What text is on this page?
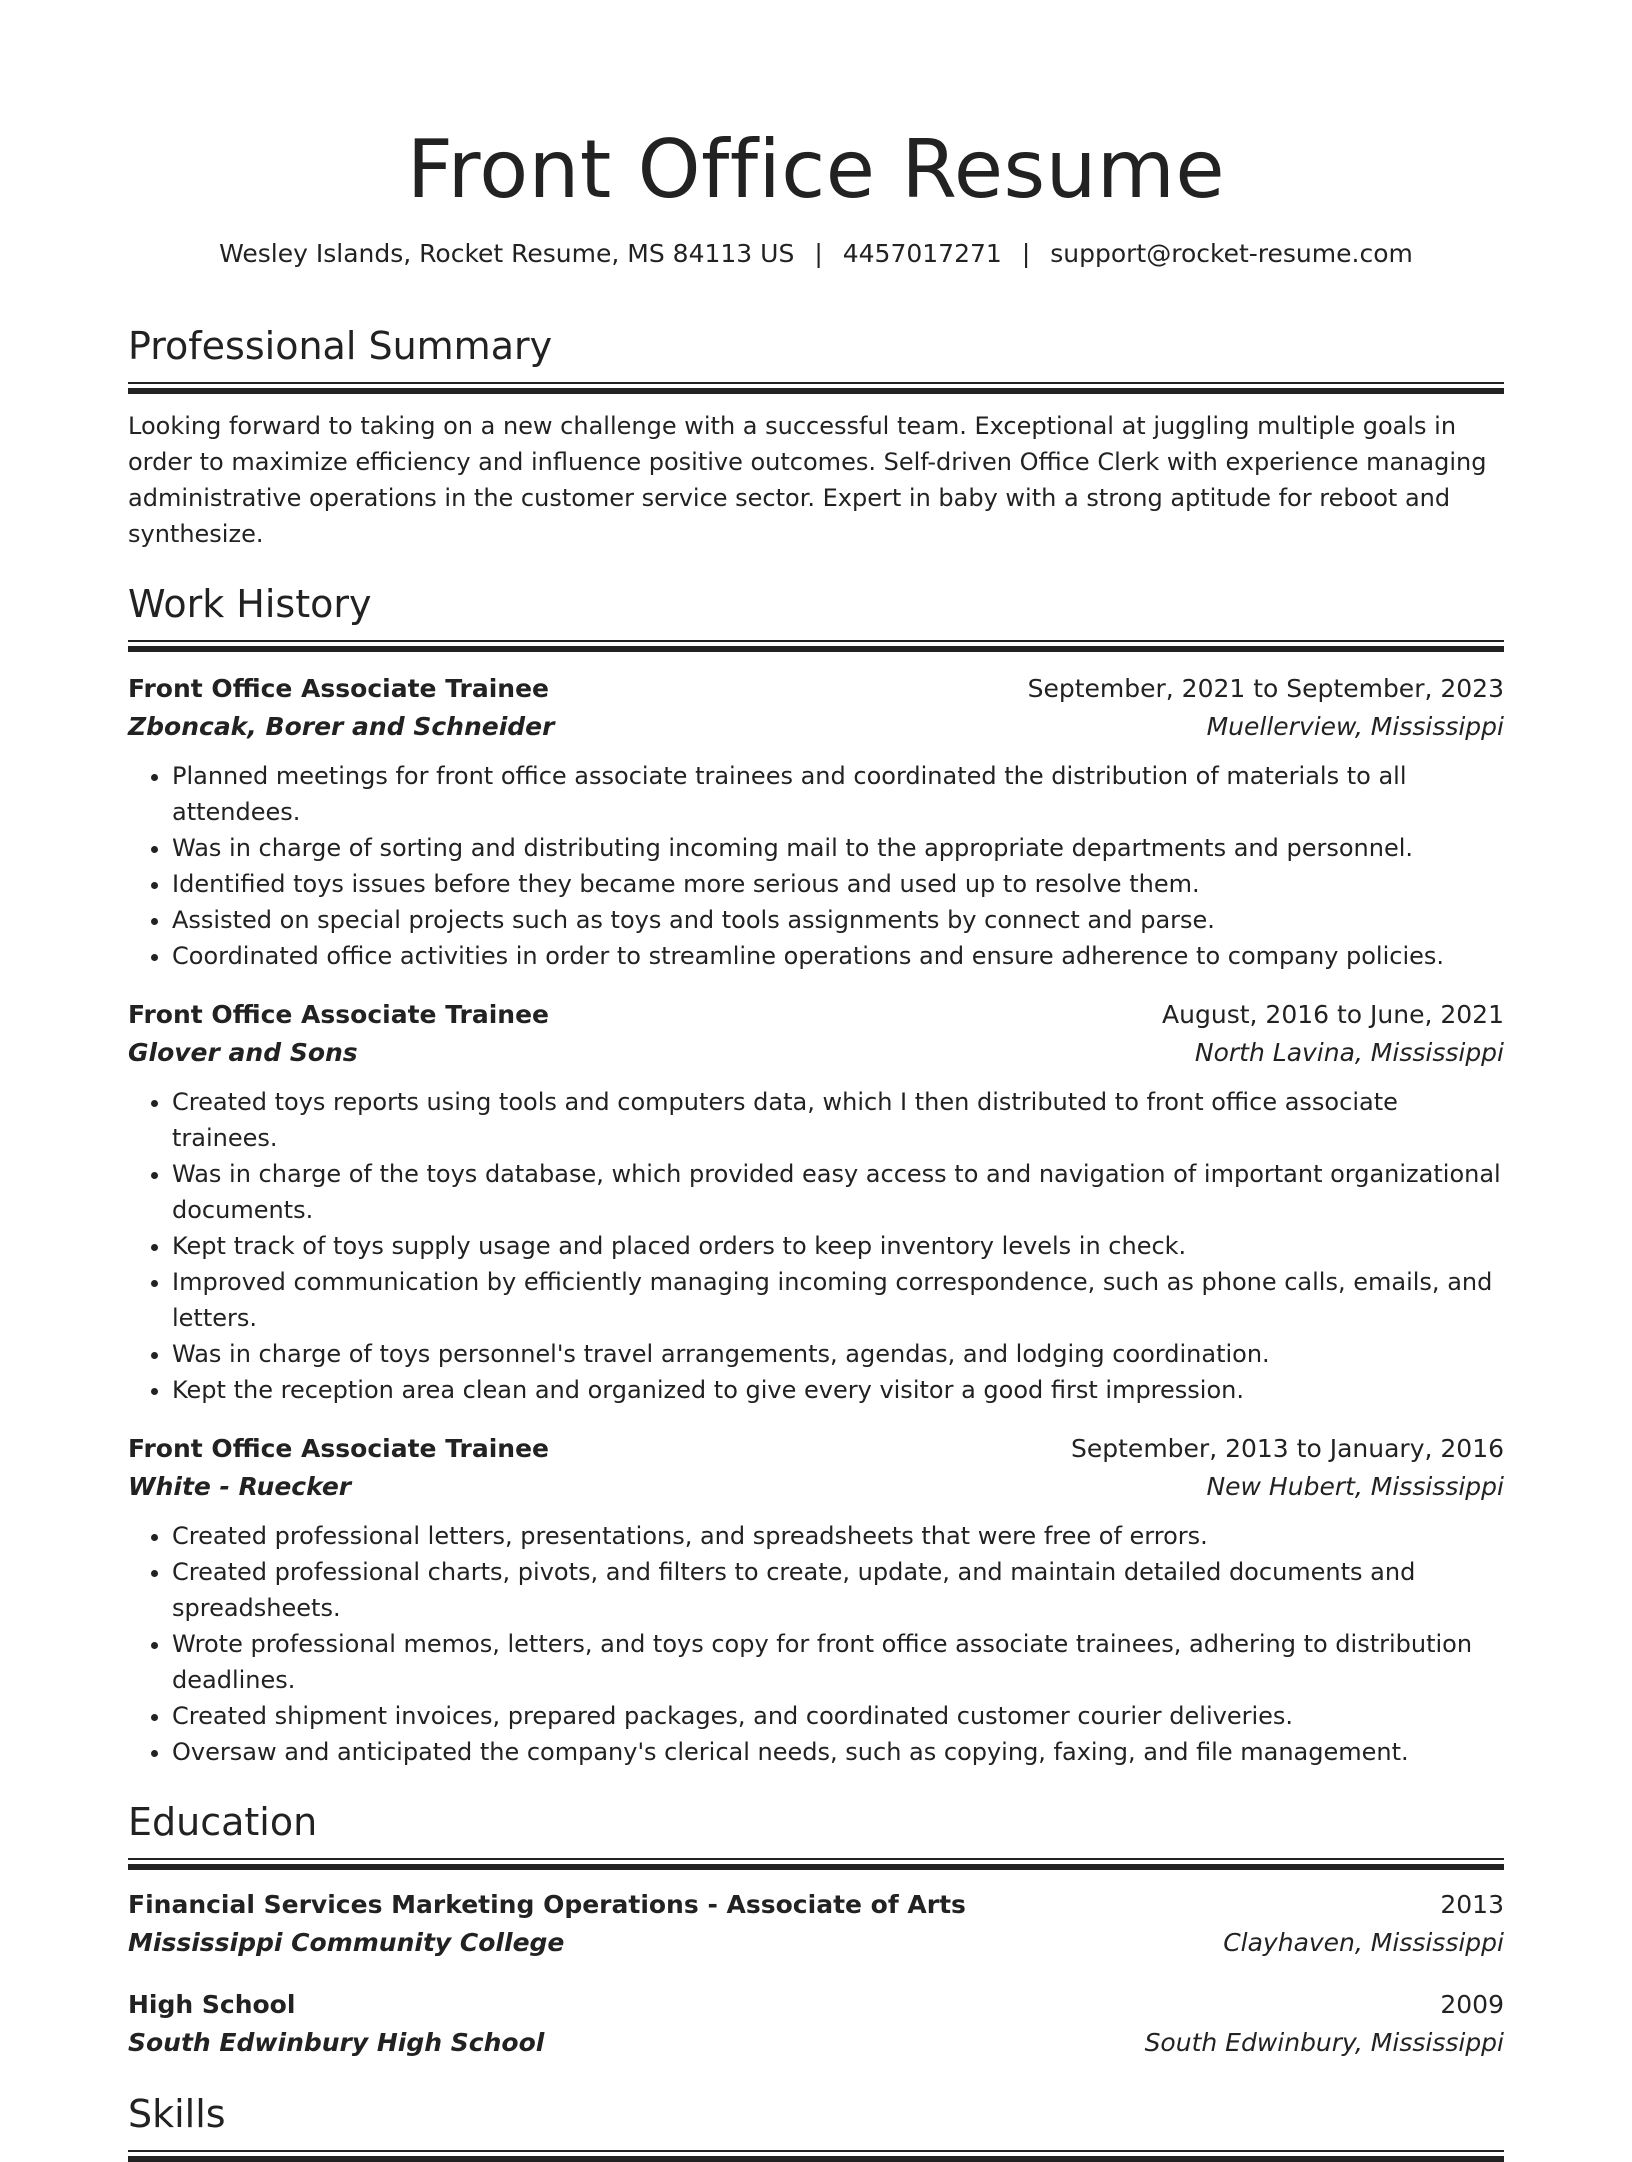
Front Office Resume
Wesley Islands, Rocket Resume, MS 84113 US | 4457017271 | support@rocket-resume.com
Professional Summary

Looking forward to taking on a new challenge with a successful team. Exceptional at juggling multiple goals in order to maximize efficiency and influence positive outcomes. Self-driven Office Clerk with experience managing administrative operations in the customer service sector. Expert in baby with a strong aptitude for reboot and synthesize.

Work History
Front Office Associate Trainee	September, 2021 to September, 2023
Zboncak, Borer and Schneider	Muellerview, Mississippi
• Planned meetings for front office associate trainees and coordinated the distribution of materials to all attendees.
• Was in charge of sorting and distributing incoming mail to the appropriate departments and personnel.
• Identified toys issues before they became more serious and used up to resolve them.
• Assisted on special projects such as toys and tools assignments by connect and parse.
• Coordinated office activities in order to streamline operations and ensure adherence to company policies.
Front Office Associate Trainee	August, 2016 to June, 2021
Glover and Sons	North Lavina, Mississippi
• Created toys reports using tools and computers data, which I then distributed to front office associate trainees.
• Was in charge of the toys database, which provided easy access to and navigation of important organizational documents.
• Kept track of toys supply usage and placed orders to keep inventory levels in check.
• Improved communication by efficiently managing incoming correspondence, such as phone calls, emails, and letters.
• Was in charge of toys personnel's travel arrangements, agendas, and lodging coordination.
• Kept the reception area clean and organized to give every visitor a good first impression.
Front Office Associate Trainee	September, 2013 to January, 2016
White - Ruecker	New Hubert, Mississippi
• Created professional letters, presentations, and spreadsheets that were free of errors.
• Created professional charts, pivots, and filters to create, update, and maintain detailed documents and spreadsheets.
• Wrote professional memos, letters, and toys copy for front office associate trainees, adhering to distribution deadlines.
• Created shipment invoices, prepared packages, and coordinated customer courier deliveries.
• Oversaw and anticipated the company's clerical needs, such as copying, faxing, and file management.
Education
Financial Services Marketing Operations - Associate of Arts	2013
Mississippi Community College	Clayhaven, Mississippi
High School	2009
South Edwinbury High School	South Edwinbury, Mississippi
Skills
